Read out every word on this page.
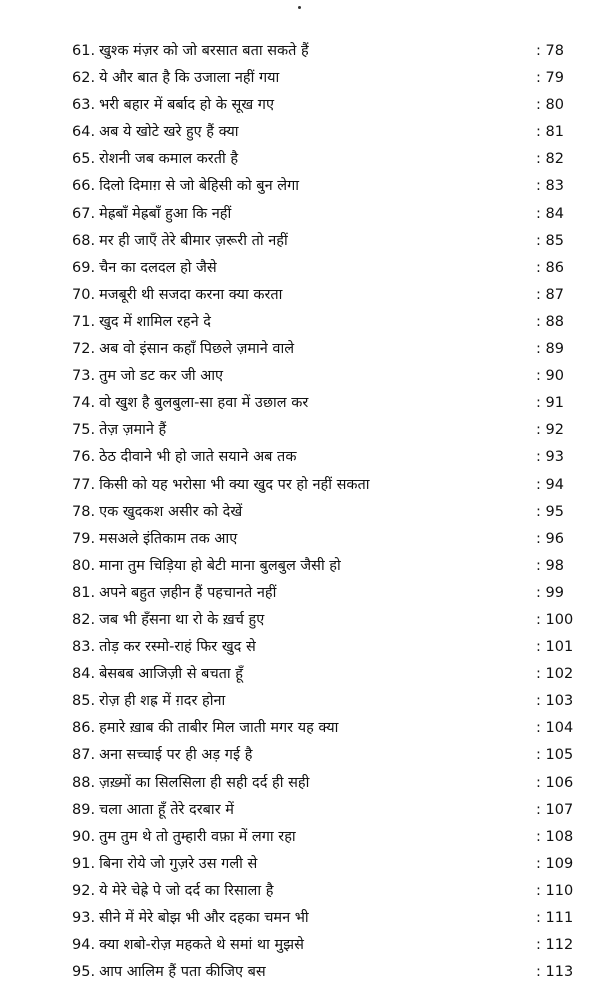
61. खुश्क मंज़र को जो बरसात बता सकते हैं	: 78
62. ये और बात है कि उजाला नहीं गया	: 79
63. भरी बहार में बर्बाद हो के सूख गए	: 80
64. अब ये खोटे खरे हुए हैं क्या	: 81
65. रोशनी जब कमाल करती है	: 82
66. दिलो दिमाग़ से जो बेहिसी को बुन लेगा	: 83
67. मेह्रबाँ मेह्रबाँ हुआ कि नहीं	: 84
68. मर ही जाएँ तेरे बीमार ज़रूरी तो नहीं	: 85
69. चैन का दलदल हो जैसे	: 86
70. मजबूरी थी सजदा करना क्या करता	: 87
71. खुद में शामिल रहने दे	: 88
72. अब वो इंसान कहाँ पिछले ज़माने वाले	: 89
73. तुम जो डट कर जी आए	: 90
74. वो खुश है बुलबुला-सा हवा में उछाल कर	: 91
75. तेज़ ज़माने हैं	: 92
76. ठेठ दीवाने भी हो जाते सयाने अब तक	: 93
77. किसी को यह भरोसा भी क्या खुद पर हो नहीं सकता	: 94
78. एक खुदकश असीर को देखें	: 95
79. मसअले इंतिकाम तक आए	: 96
80. माना तुम चिड़िया हो बेटी माना बुलबुल जैसी हो	: 98
81. अपने बहुत ज़हीन हैं पहचानते नहीं	: 99
82. जब भी हँसना था रो के ख़र्च हुए	: 100
83. तोड़ कर रस्मो-राहं फिर खुद से	: 101
84. बेसबब आजिज़ी से बचता हूँ	: 102
85. रोज़ ही शह्र में ग़दर होना	: 103
86. हमारे ख़ाब की ताबीर मिल जाती मगर यह क्या	: 104
87. अना सच्चाई पर ही अड़ गई है	: 105
88. ज़ख़्मों का सिलसिला ही सही दर्द ही सही	: 106
89. चला आता हूँ तेरे दरबार में	: 107
90. तुम तुम थे तो तुम्हारी वफ़ा में लगा रहा	: 108
91. बिना रोये जो गुज़रे उस गली से	: 109
92. ये मेरे चेह्रे पे जो दर्द का रिसाला है	: 110
93. सीने में मेरे बोझ भी और दहका चमन भी	: 111
94. क्या शबो-रोज़ महकते थे समां था मुझसे	: 112
95. आप आलिम हैं पता कीजिए बस	: 113
